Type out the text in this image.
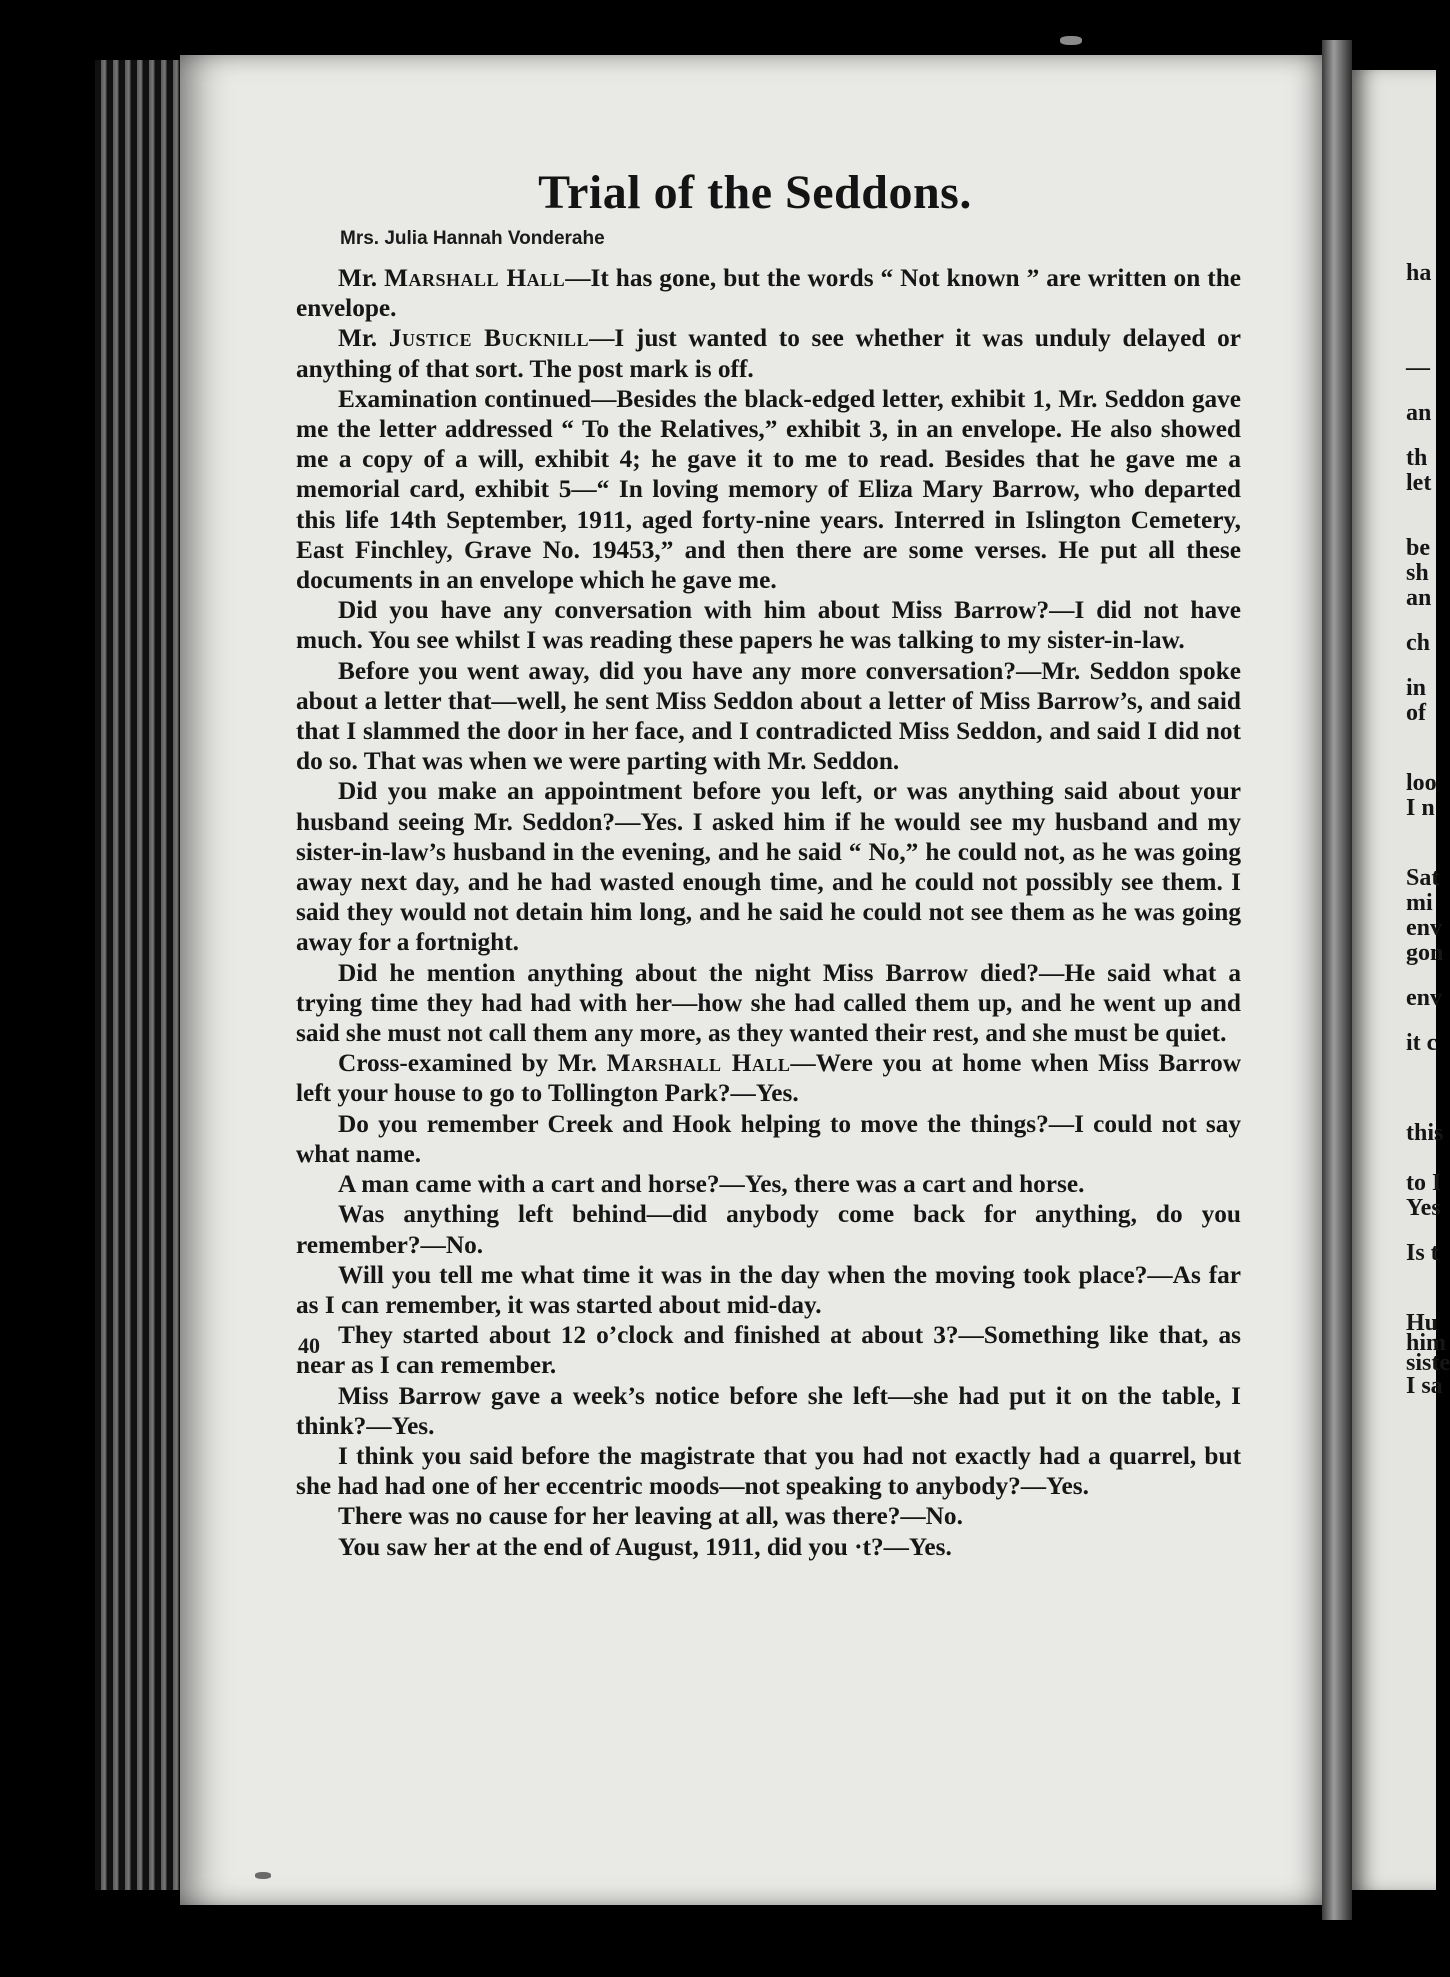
ha
—
an
th
let
be
sh
an
ch
in
of
loo
I n
Sat
mi
env
gon
env
it c
this
to I
Yes
Is t
Hu
him
siste
I sa
Trial of the Seddons.
Mrs. Julia Hannah Vonderahe

Mr. Marshall Hall—It has gone, but the words “ Not known ” are written on the envelope.

Mr. Justice Bucknill—I just wanted to see whether it was unduly delayed or anything of that sort. The post mark is off.

Examination continued—Besides the black-edged letter, exhibit 1, Mr. Seddon gave me the letter addressed “ To the Relatives,” exhibit 3, in an envelope. He also showed me a copy of a will, exhibit 4; he gave it to me to read. Besides that he gave me a memorial card, exhibit 5—“ In loving memory of Eliza Mary Barrow, who departed this life 14th September, 1911, aged forty-nine years. Interred in Islington Cemetery, East Finchley, Grave No. 19453,” and then there are some verses. He put all these documents in an envelope which he gave me.

Did you have any conversation with him about Miss Barrow?—I did not have much. You see whilst I was reading these papers he was talking to my sister-in-law.

Before you went away, did you have any more conversation?—Mr. Seddon spoke about a letter that—well, he sent Miss Seddon about a letter of Miss Barrow’s, and said that I slammed the door in her face, and I contradicted Miss Seddon, and said I did not do so. That was when we were parting with Mr. Seddon.

Did you make an appointment before you left, or was anything said about your husband seeing Mr. Seddon?—Yes. I asked him if he would see my husband and my sister-in-law’s husband in the evening, and he said “ No,” he could not, as he was going away next day, and he had wasted enough time, and he could not possibly see them. I said they would not detain him long, and he said he could not see them as he was going away for a fortnight.

Did he mention anything about the night Miss Barrow died?—He said what a trying time they had had with her—how she had called them up, and he went up and said she must not call them any more, as they wanted their rest, and she must be quiet.

Cross-examined by Mr. Marshall Hall—Were you at home when Miss Barrow left your house to go to Tollington Park?—Yes.

Do you remember Creek and Hook helping to move the things?—I could not say what name.

A man came with a cart and horse?—Yes, there was a cart and horse.

Was anything left behind—did anybody come back for anything, do you remember?—No.

Will you tell me what time it was in the day when the moving took place?—As far as I can remember, it was started about mid-day.

They started about 12 o’clock and finished at about 3?—Something like that, as near as I can remember.

Miss Barrow gave a week’s notice before she left—she had put it on the table, I think?—Yes.

I think you said before the magistrate that you had not exactly had a quarrel, but she had had one of her eccentric moods—not speaking to anybody?—Yes.

There was no cause for her leaving at all, was there?—No.

You saw her at the end of August, 1911, did you ·t?—Yes.

40
